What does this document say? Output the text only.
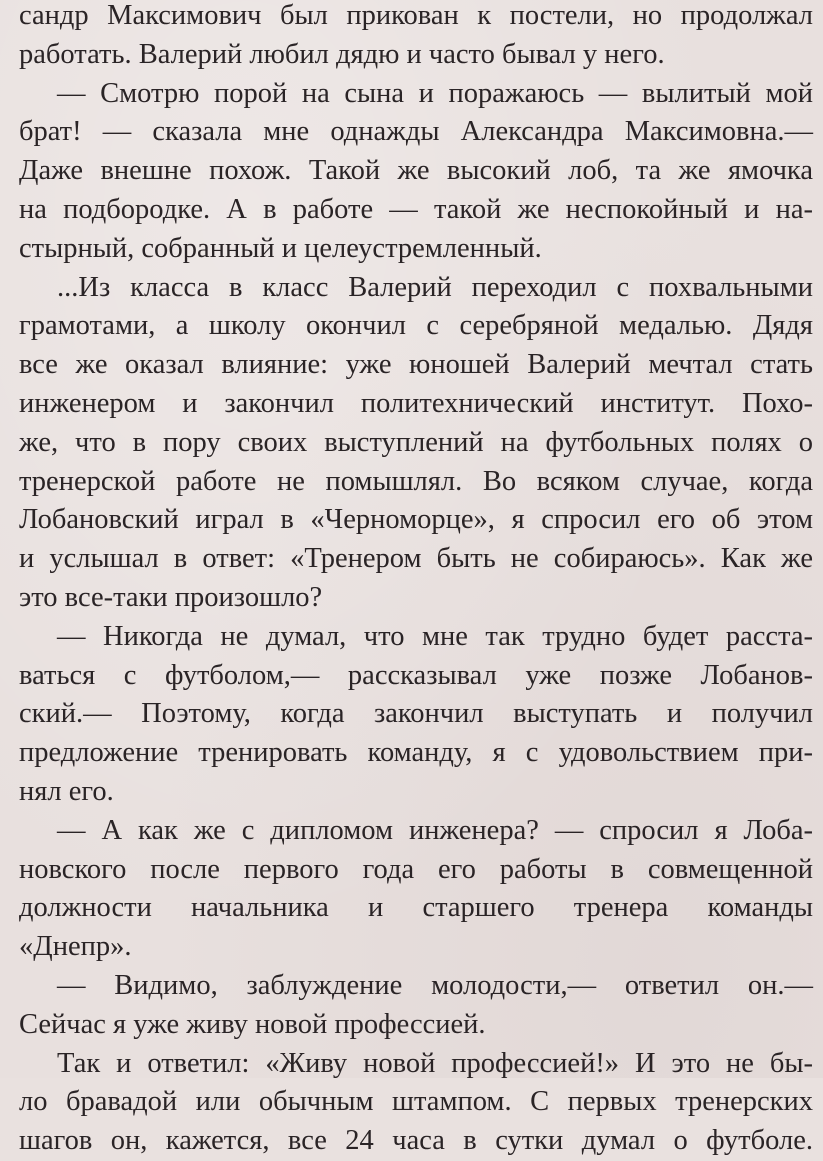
сандр Максимович был прикован к постели, но продолжал
работать. Валерий любил дядю и часто бывал у него.
— Смотрю порой на сына и поражаюсь — вылитый мой
брат! — сказала мне однажды Александра Максимовна.—
Даже внешне похож. Такой же высокий лоб, та же ямочка
на подбородке. А в работе — такой же неспокойный и на-
стырный, собранный и целеустремленный.
...Из класса в класс Валерий переходил с похвальными
грамотами, а школу окончил с серебряной медалью. Дядя
все же оказал влияние: уже юношей Валерий мечтал стать
инженером и закончил политехнический институт. Похо-
же, что в пору своих выступлений на футбольных полях о
тренерской работе не помышлял. Во всяком случае, когда
Лобановский играл в «Черноморце», я спросил его об этом
и услышал в ответ: «Тренером быть не собираюсь». Как же
это все-таки произошло?
— Никогда не думал, что мне так трудно будет расста-
ваться с футболом,— рассказывал уже позже Лобанов-
ский.— Поэтому, когда закончил выступать и получил
предложение тренировать команду, я с удовольствием при-
нял его.
— А как же с дипломом инженера? — спросил я Лоба-
новского после первого года его работы в совмещенной
должности начальника и старшего тренера команды
«Днепр».
— Видимо, заблуждение молодости,— ответил он.—
Сейчас я уже живу новой профессией.
Так и ответил: «Живу новой профессией!» И это не бы-
ло бравадой или обычным штампом. С первых тренерских
шагов он, кажется, все 24 часа в сутки думал о футболе.
